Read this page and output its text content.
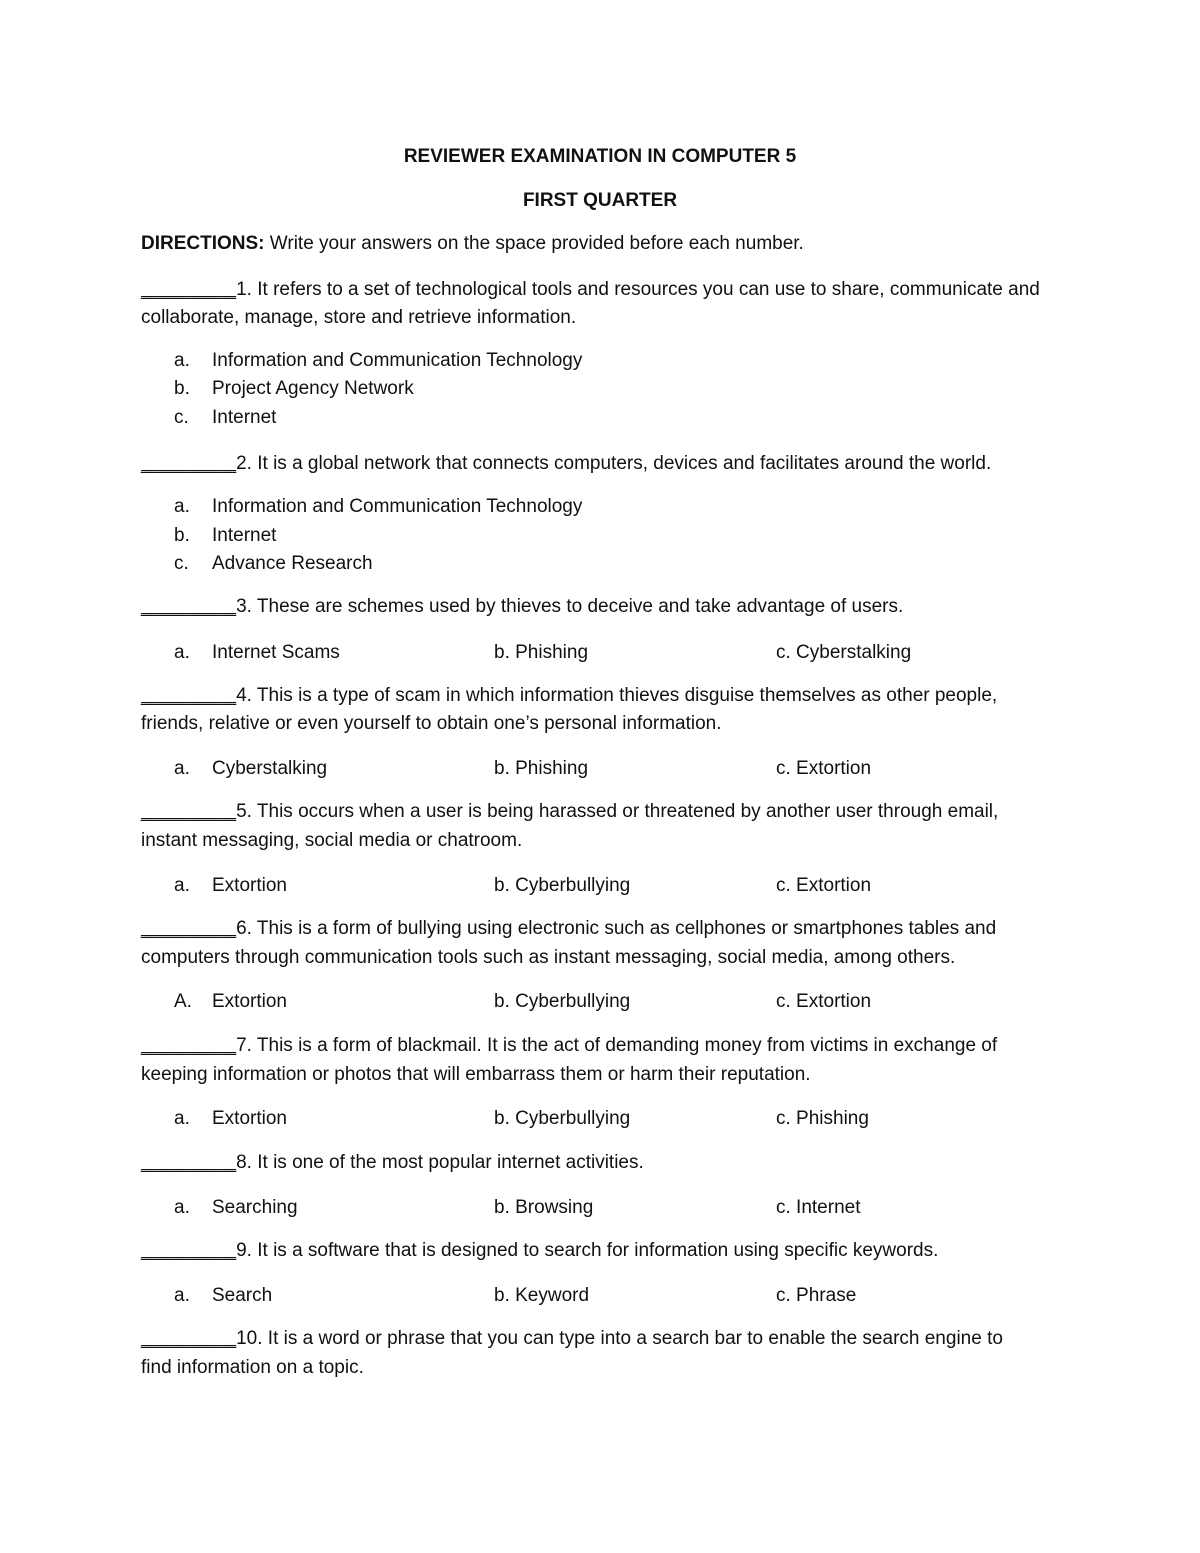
REVIEWER EXAMINATION IN COMPUTER 5
FIRST QUARTER
DIRECTIONS: Write your answers on the space provided before each number.
_________1. It refers to a set of technological tools and resources you can use to share, communicate and
collaborate, manage, store and retrieve information.
a. Information and Communication Technology
b. Project Agency Network
c. Internet
_________2. It is a global network that connects computers, devices and facilitates around the world.
a. Information and Communication Technology
b. Internet
c. Advance Research
_________3. These are schemes used by thieves to deceive and take advantage of users.
a. Internet Scams	b. Phishing	c. Cyberstalking
_________4. This is a type of scam in which information thieves disguise themselves as other people,
friends, relative or even yourself to obtain one’s personal information.
a. Cyberstalking	b. Phishing	c. Extortion
_________5. This occurs when a user is being harassed or threatened by another user through email,
instant messaging, social media or chatroom.
a. Extortion	b. Cyberbullying	c. Extortion
_________6. This is a form of bullying using electronic such as cellphones or smartphones tables and
computers through communication tools such as instant messaging, social media, among others.
A. Extortion	b. Cyberbullying	c. Extortion
_________7. This is a form of blackmail. It is the act of demanding money from victims in exchange of
keeping information or photos that will embarrass them or harm their reputation.
a. Extortion	b. Cyberbullying	c. Phishing
_________8. It is one of the most popular internet activities.
a. Searching	b. Browsing	c. Internet
_________9. It is a software that is designed to search for information using specific keywords.
a. Search	b. Keyword	c. Phrase
_________10. It is a word or phrase that you can type into a search bar to enable the search engine to
find information on a topic.
